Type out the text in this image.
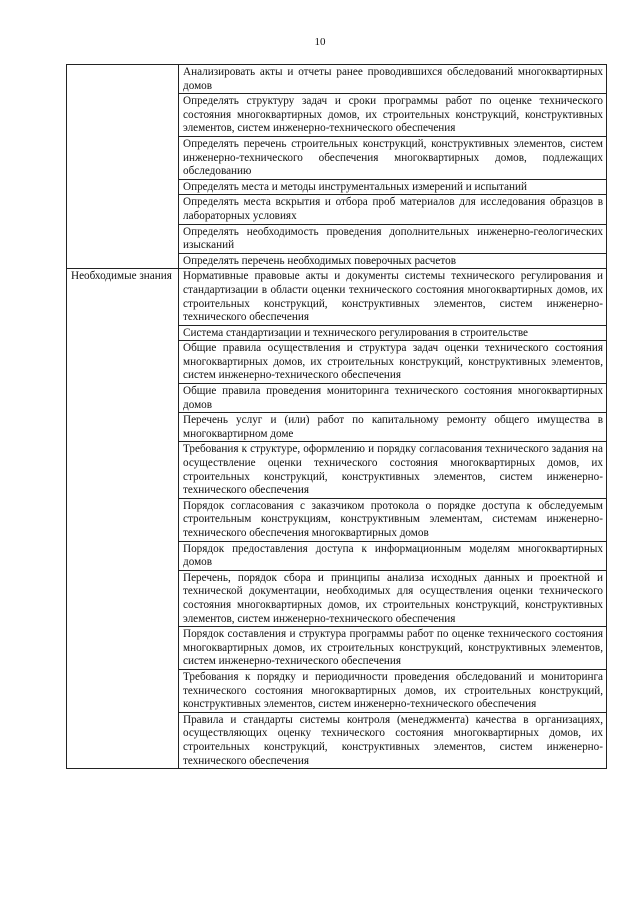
10
	Анализировать акты и отчеты ранее проводившихся обследований многоквартирных домов
	Определять структуру задач и сроки программы работ по оценке технического состояния многоквартирных домов, их строительных конструкций, конструктивных элементов, систем инженерно-технического обеспечения
	Определять перечень строительных конструкций, конструктивных элементов, систем инженерно-технического обеспечения многоквартирных домов, подлежащих обследованию
	Определять места и методы инструментальных измерений и испытаний
	Определять места вскрытия и отбора проб материалов для исследования образцов в лабораторных условиях
	Определять необходимость проведения дополнительных инженерно-геологических изысканий
	Определять перечень необходимых поверочных расчетов
Необходимые знания	Нормативные правовые акты и документы системы технического регулирования и стандартизации в области оценки технического состояния многоквартирных домов, их строительных конструкций, конструктивных элементов, систем инженерно-технического обеспечения
	Система стандартизации и технического регулирования в строительстве
	Общие правила осуществления и структура задач оценки технического состояния многоквартирных домов, их строительных конструкций, конструктивных элементов, систем инженерно-технического обеспечения
	Общие правила проведения мониторинга технического состояния многоквартирных домов
	Перечень услуг и (или) работ по капитальному ремонту общего имущества в многоквартирном доме
	Требования к структуре, оформлению и порядку согласования технического задания на осуществление оценки технического состояния многоквартирных домов, их строительных конструкций, конструктивных элементов, систем инженерно-технического обеспечения
	Порядок согласования с заказчиком протокола о порядке доступа к обследуемым строительным конструкциям, конструктивным элементам, системам инженерно-технического обеспечения многоквартирных домов
	Порядок предоставления доступа к информационным моделям многоквартирных домов
	Перечень, порядок сбора и принципы анализа исходных данных и проектной и технической документации, необходимых для осуществления оценки технического состояния многоквартирных домов, их строительных конструкций, конструктивных элементов, систем инженерно-технического обеспечения
	Порядок составления и структура программы работ по оценке технического состояния многоквартирных домов, их строительных конструкций, конструктивных элементов, систем инженерно-технического обеспечения
	Требования к порядку и периодичности проведения обследований и мониторинга технического состояния многоквартирных домов, их строительных конструкций, конструктивных элементов, систем инженерно-технического обеспечения
	Правила и стандарты системы контроля (менеджмента) качества в организациях, осуществляющих оценку технического состояния многоквартирных домов, их строительных конструкций, конструктивных элементов, систем инженерно-технического обеспечения
